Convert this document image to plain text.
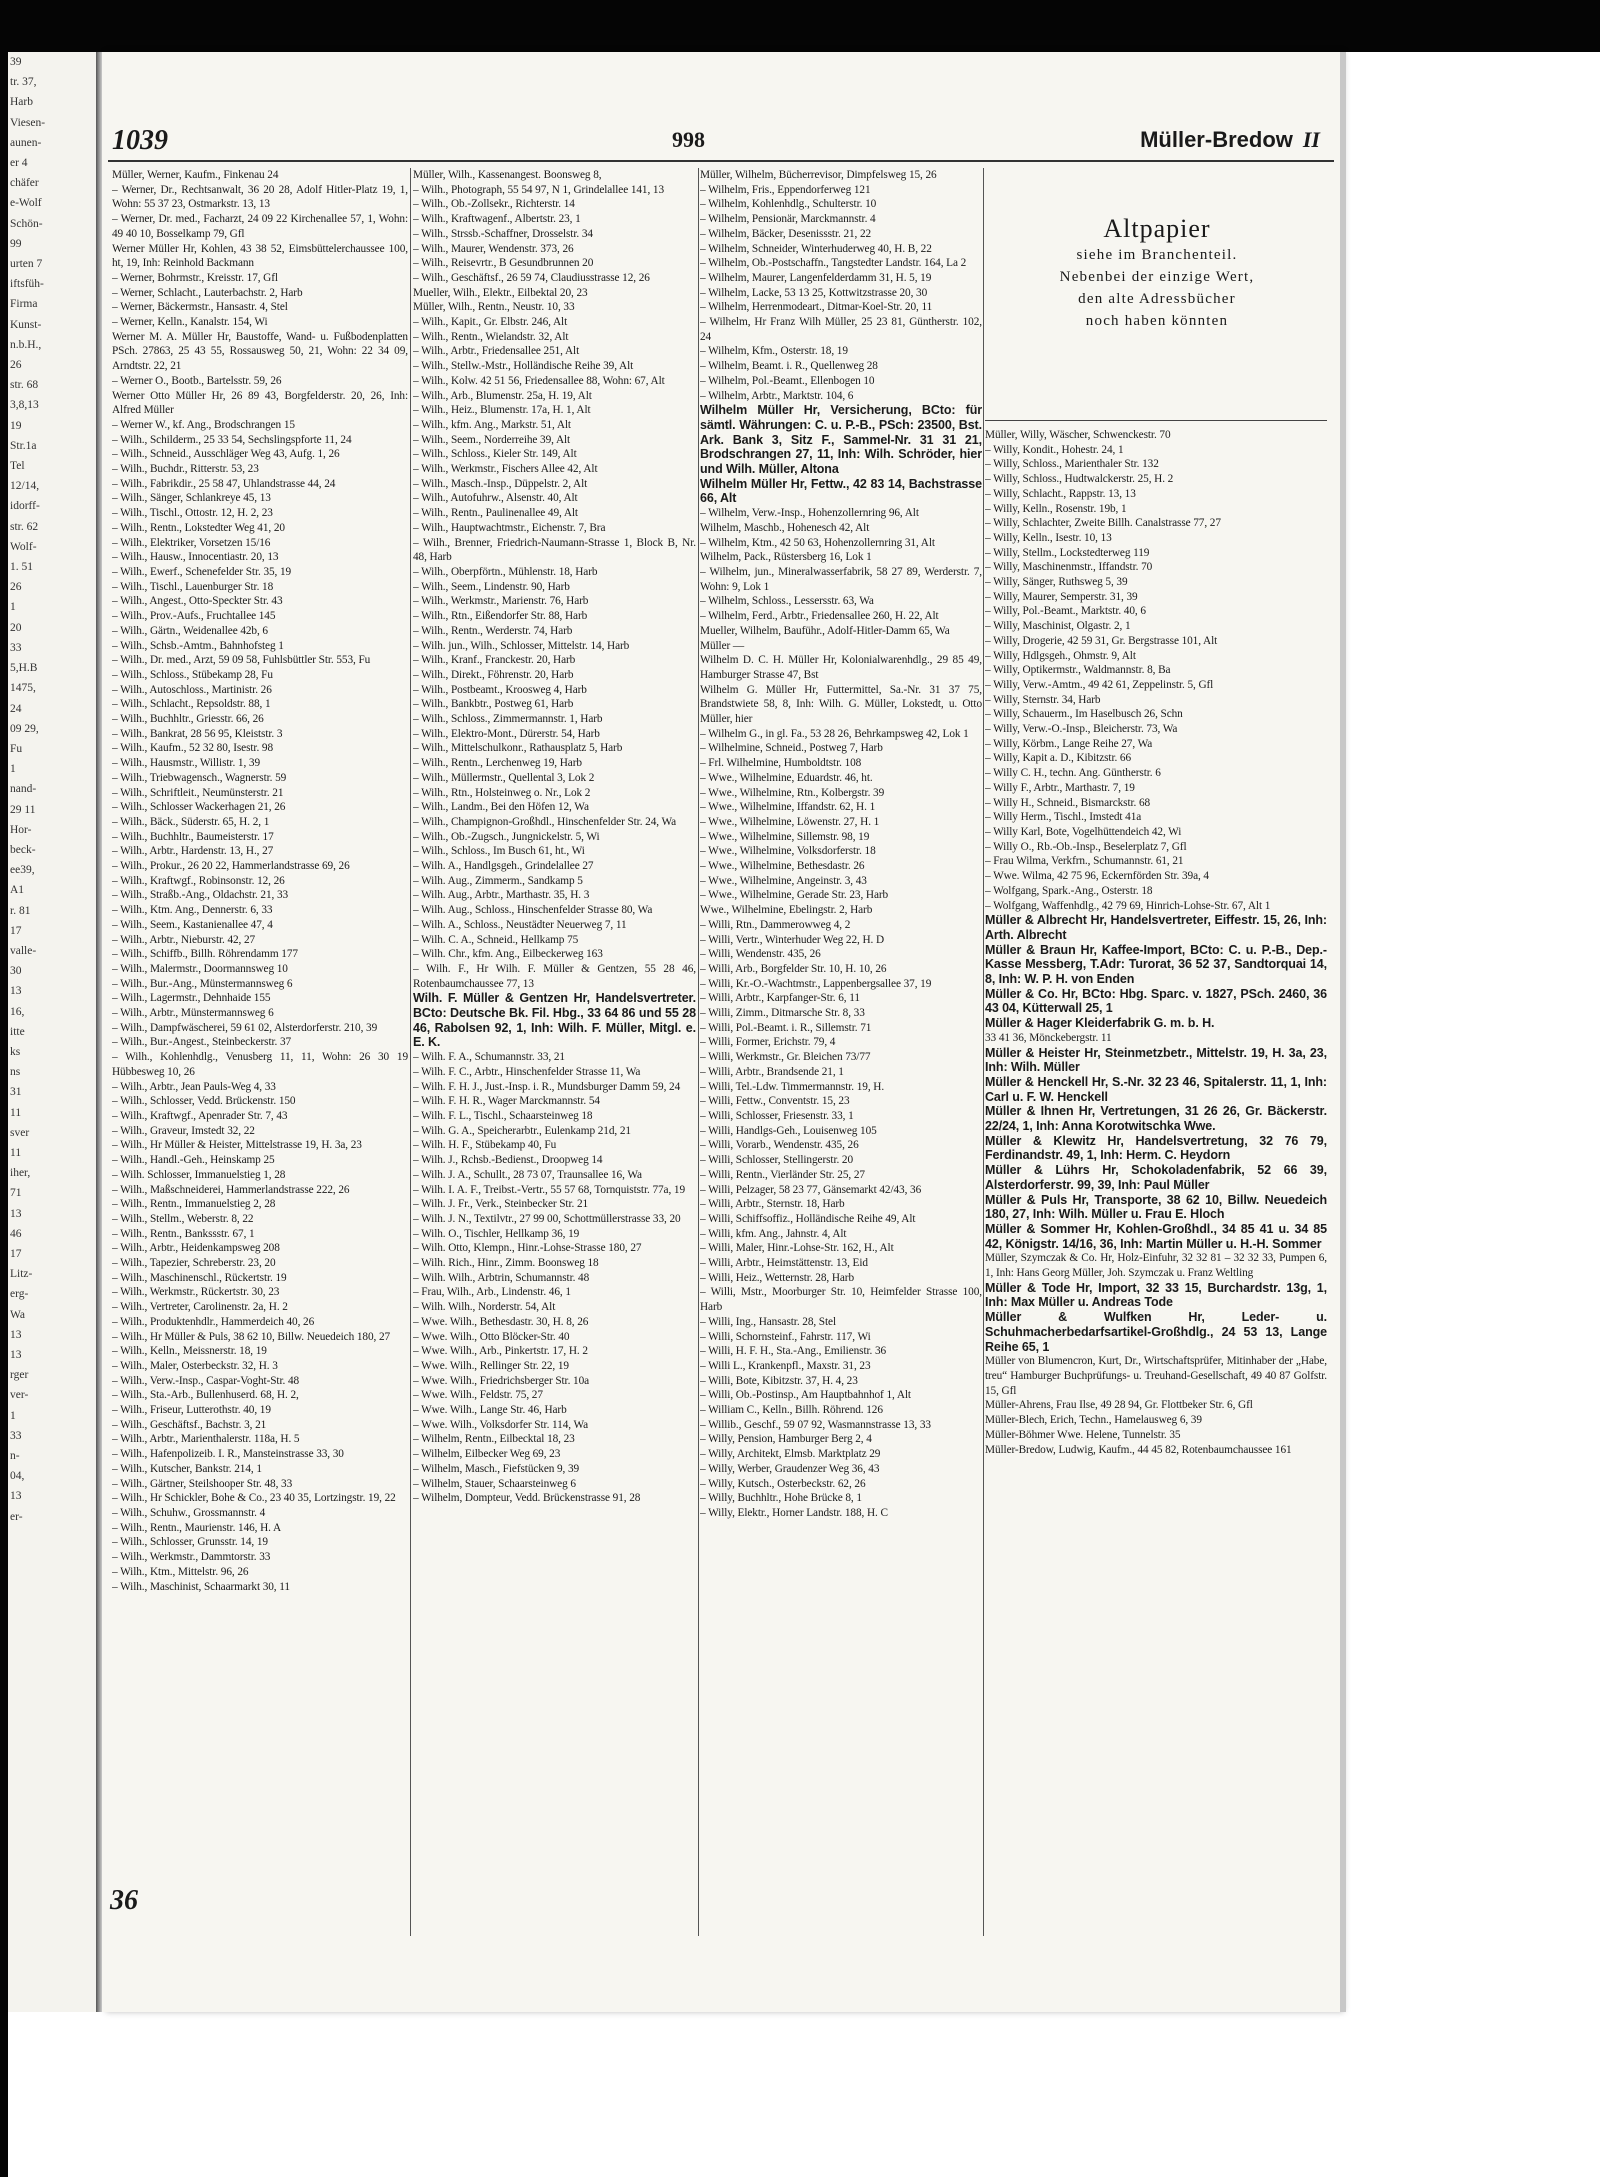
39
tr. 37,
Harb
Viesen-
aunen-
er 4
chäfer
e-Wolf
Schön-
99
urten 7
iftsfüh-
Firma
Kunst-
n.b.H.,
26
str. 68
3,8,13
19
Str.1a
Tel
12/14,
idorff-
str. 62
Wolf-
1. 51
26
1
20
33
5,H.B
1475,
24
09 29,
Fu
1
nand-
29 11
Hor-
beck-
ee39,
A1
r. 81
17
valle-
30
13
16,
itte
ks
ns
31
11
sver
11
iher,
71
13
46
17
Litz-
erg-
Wa
13
13
rger
ver-
1
33
n-
04,
13
er-
1039	998	Müller-Bredow II

Müller, Werner, Kaufm., Finkenau 24

– Werner, Dr., Rechtsanwalt, 36 20 28, Adolf Hitler-Platz 19, 1, Wohn: 55 37 23, Ostmarkstr. 13, 13

– Werner, Dr. med., Facharzt, 24 09 22 Kirchenallee 57, 1, Wohn: 49 40 10, Bosselkamp 79, Gfl

Werner Müller Hr, Kohlen, 43 38 52, Eimsbüttelerchaussee 100, ht, 19, Inh: Reinhold Backmann

– Werner, Bohrmstr., Kreisstr. 17, Gfl

– Werner, Schlacht., Lauterbachstr. 2, Harb

– Werner, Bäckermstr., Hansastr. 4, Stel

– Werner, Kelln., Kanalstr. 154, Wi

Werner M. A. Müller Hr, Baustoffe, Wand- u. Fußbodenplatten PSch. 27863, 25 43 55, Rossausweg 50, 21, Wohn: 22 34 09, Arndtstr. 22, 21

– Werner O., Bootb., Bartelsstr. 59, 26

Werner Otto Müller Hr, 26 89 43, Borgfelderstr. 20, 26, Inh: Alfred Müller

– Werner W., kf. Ang., Brodschrangen 15

– Wilh., Schilderm., 25 33 54, Sechslingspforte 11, 24

– Wilh., Schneid., Ausschläger Weg 43, Aufg. 1, 26

– Wilh., Buchdr., Ritterstr. 53, 23

– Wilh., Fabrikdir., 25 58 47, Uhlandstrasse 44, 24

– Wilh., Sänger, Schlankreye 45, 13

– Wilh., Tischl., Ottostr. 12, H. 2, 23

– Wilh., Rentn., Lokstedter Weg 41, 20

– Wilh., Elektriker, Vorsetzen 15/16

– Wilh., Hausw., Innocentiastr. 20, 13

– Wilh., Ewerf., Schenefelder Str. 35, 19

– Wilh., Tischl., Lauenburger Str. 18

– Wilh., Angest., Otto-Speckter Str. 43

– Wilh., Prov.-Aufs., Fruchtallee 145

– Wilh., Gärtn., Weidenallee 42b, 6

– Wilh., Schsb.-Amtm., Bahnhofsteg 1

– Wilh., Dr. med., Arzt, 59 09 58, Fuhlsbüttler Str. 553, Fu

– Wilh., Schloss., Stübekamp 28, Fu

– Wilh., Autoschloss., Martinistr. 26

– Wilh., Schlacht., Repsoldstr. 88, 1

– Wilh., Buchhltr., Griesstr. 66, 26

– Wilh., Bankrat, 28 56 95, Kleiststr. 3

– Wilh., Kaufm., 52 32 80, Isestr. 98

– Wilh., Hausmstr., Willistr. 1, 39

– Wilh., Triebwagensch., Wagnerstr. 59

– Wilh., Schriftleit., Neumünsterstr. 21

– Wilh., Schlosser Wackerhagen 21, 26

– Wilh., Bäck., Süderstr. 65, H. 2, 1

– Wilh., Buchhltr., Baumeisterstr. 17

– Wilh., Arbtr., Hardenstr. 13, H., 27

– Wilh., Prokur., 26 20 22, Hammerlandstrasse 69, 26

– Wilh., Kraftwgf., Robinsonstr. 12, 26

– Wilh., Straßb.-Ang., Oldachstr. 21, 33

– Wilh., Ktm. Ang., Dennerstr. 6, 33

– Wilh., Seem., Kastanienallee 47, 4

– Wilh., Arbtr., Nieburstr. 42, 27

– Wilh., Schiffb., Billh. Röhrendamm 177

– Wilh., Malermstr., Doormannsweg 10

– Wilh., Bur.-Ang., Münstermannsweg 6

– Wilh., Lagermstr., Dehnhaide 155

– Wilh., Arbtr., Münstermannsweg 6

– Wilh., Dampfwäscherei, 59 61 02, Alsterdorferstr. 210, 39

– Wilh., Bur.-Angest., Steinbeckerstr. 37

– Wilh., Kohlenhdlg., Venusberg 11, 11, Wohn: 26 30 19 Hübbesweg 10, 26

– Wilh., Arbtr., Jean Pauls-Weg 4, 33

– Wilh., Schlosser, Vedd. Brückenstr. 150

– Wilh., Kraftwgf., Apenrader Str. 7, 43

– Wilh., Graveur, Imstedt 32, 22

– Wilh., Hr Müller & Heister, Mittelstrasse 19, H. 3a, 23

– Wilh., Handl.-Geh., Heinskamp 25

– Wilh. Schlosser, Immanuelstieg 1, 28

– Wilh., Maßschneiderei, Hammerlandstrasse 222, 26

– Wilh., Rentn., Immanuelstieg 2, 28

– Wilh., Stellm., Weberstr. 8, 22

– Wilh., Rentn., Bankssstr. 67, 1

– Wilh., Arbtr., Heidenkampsweg 208

– Wilh., Tapezier, Schreberstr. 23, 20

– Wilh., Maschinenschl., Rückertstr. 19

– Wilh., Werkmstr., Rückertstr. 30, 23

– Wilh., Vertreter, Carolinenstr. 2a, H. 2

– Wilh., Produktenhdlr., Hammerdeich 40, 26

– Wilh., Hr Müller & Puls, 38 62 10, Billw. Neuedeich 180, 27

– Wilh., Kelln., Meissnerstr. 18, 19

– Wilh., Maler, Osterbeckstr. 32, H. 3

– Wilh., Verw.-Insp., Caspar-Voght-Str. 48

– Wilh., Sta.-Arb., Bullenhuserd. 68, H. 2,

– Wilh., Friseur, Lutterothstr. 40, 19

– Wilh., Geschäftsf., Bachstr. 3, 21

– Wilh., Arbtr., Marienthalerstr. 118a, H. 5

– Wilh., Hafenpolizeib. I. R., Mansteinstrasse 33, 30

– Wilh., Kutscher, Bankstr. 214, 1

– Wilh., Gärtner, Steilshooper Str. 48, 33

– Wilh., Hr Schickler, Bohe & Co., 23 40 35, Lortzingstr. 19, 22

– Wilh., Schuhw., Grossmannstr. 4

– Wilh., Rentn., Maurienstr. 146, H. A

– Wilh., Schlosser, Grunsstr. 14, 19

– Wilh., Werkmstr., Dammtorstr. 33

– Wilh., Ktm., Mittelstr. 96, 26

– Wilh., Maschinist, Schaarmarkt 30, 11

Müller, Wilh., Kassenangest. Boonsweg 8,

– Wilh., Photograph, 55 54 97, N 1, Grindelallee 141, 13

– Wilh., Ob.-Zollsekr., Richterstr. 14

– Wilh., Kraftwagenf., Albertstr. 23, 1

– Wilh., Strssb.-Schaffner, Drosselstr. 34

– Wilh., Maurer, Wendenstr. 373, 26

– Wilh., Reisevrtr., B Gesundbrunnen 20

– Wilh., Geschäftsf., 26 59 74, Claudiusstrasse 12, 26

Mueller, Wilh., Elektr., Eilbektal 20, 23

Müller, Wilh., Rentn., Neustr. 10, 33

– Wilh., Kapit., Gr. Elbstr. 246, Alt

– Wilh., Rentn., Wielandstr. 32, Alt

– Wilh., Arbtr., Friedensallee 251, Alt

– Wilh., Stellw.-Mstr., Holländische Reihe 39, Alt

– Wilh., Kolw. 42 51 56, Friedensallee 88, Wohn: 67, Alt

– Wilh., Arb., Blumenstr. 25a, H. 19, Alt

– Wilh., Heiz., Blumenstr. 17a, H. 1, Alt

– Wilh., kfm. Ang., Markstr. 51, Alt

– Wilh., Seem., Norderreihe 39, Alt

– Wilh., Schloss., Kieler Str. 149, Alt

– Wilh., Werkmstr., Fischers Allee 42, Alt

– Wilh., Masch.-Insp., Düppelstr. 2, Alt

– Wilh., Autofuhrw., Alsenstr. 40, Alt

– Wilh., Rentn., Paulinenallee 49, Alt

– Wilh., Hauptwachtmstr., Eichenstr. 7, Bra

– Wilh., Brenner, Friedrich-Naumann-Strasse 1, Block B, Nr. 48, Harb

– Wilh., Oberpförtn., Mühlenstr. 18, Harb

– Wilh., Seem., Lindenstr. 90, Harb

– Wilh., Werkmstr., Marienstr. 76, Harb

– Wilh., Rtn., Eißendorfer Str. 88, Harb

– Wilh., Rentn., Werderstr. 74, Harb

– Wilh. jun., Wilh., Schlosser, Mittelstr. 14, Harb

– Wilh., Kranf., Franckestr. 20, Harb

– Wilh., Direkt., Föhrenstr. 20, Harb

– Wilh., Postbeamt., Kroosweg 4, Harb

– Wilh., Bankbtr., Postweg 61, Harb

– Wilh., Schloss., Zimmermannstr. 1, Harb

– Wilh., Elektro-Mont., Dürerstr. 54, Harb

– Wilh., Mittelschulkonr., Rathausplatz 5, Harb

– Wilh., Rentn., Lerchenweg 19, Harb

– Wilh., Müllermstr., Quellental 3, Lok 2

– Wilh., Rtn., Holsteinweg o. Nr., Lok 2

– Wilh., Landm., Bei den Höfen 12, Wa

– Wilh., Champignon-Großhdl., Hinschenfelder Str. 24, Wa

– Wilh., Ob.-Zugsch., Jungnickelstr. 5, Wi

– Wilh., Schloss., Im Busch 61, ht., Wi

– Wilh. A., Handlgsgeh., Grindelallee 27

– Wilh. Aug., Zimmerm., Sandkamp 5

– Wilh. Aug., Arbtr., Marthastr. 35, H. 3

– Wilh. Aug., Schloss., Hinschenfelder Strasse 80, Wa

– Wilh. A., Schloss., Neustädter Neuerweg 7, 11

– Wilh. C. A., Schneid., Hellkamp 75

– Wilh. Chr., kfm. Ang., Eilbeckerweg 163

– Wilh. F., Hr Wilh. F. Müller & Gentzen, 55 28 46, Rotenbaumchaussee 77, 13

Wilh. F. Müller & Gentzen Hr, Handelsvertreter. BCto: Deutsche Bk. Fil. Hbg., 33 64 86 und 55 28 46, Rabolsen 92, 1, Inh: Wilh. F. Müller, Mitgl. e. E. K.

– Wilh. F. A., Schumannstr. 33, 21

– Wilh. F. C., Arbtr., Hinschenfelder Strasse 11, Wa

– Wilh. F. H. J., Just.-Insp. i. R., Mundsburger Damm 59, 24

– Wilh. F. H. R., Wager Marckmannstr. 54

– Wilh. F. L., Tischl., Schaarsteinweg 18

– Wilh. G. A., Speicherarbtr., Eulenkamp 21d, 21

– Wilh. H. F., Stübekamp 40, Fu

– Wilh. J., Rchsb.-Bedienst., Droopweg 14

– Wilh. J. A., Schullt., 28 73 07, Traunsallee 16, Wa

– Wilh. I. A. F., Treibst.-Vertr., 55 57 68, Tornquiststr. 77a, 19

– Wilh. J. Fr., Verk., Steinbecker Str. 21

– Wilh. J. N., Textilvtr., 27 99 00, Schottmüllerstrasse 33, 20

– Wilh. O., Tischler, Hellkamp 36, 19

– Wilh. Otto, Klempn., Hinr.-Lohse-Strasse 180, 27

– Wilh. Rich., Hinr., Zimm. Boonsweg 18

– Wilh. Wilh., Arbtrin, Schumannstr. 48

– Frau, Wilh., Arb., Lindenstr. 46, 1

– Wilh. Wilh., Norderstr. 54, Alt

– Wwe. Wilh., Bethesdastr. 30, H. 8, 26

– Wwe. Wilh., Otto Blöcker-Str. 40

– Wwe. Wilh., Arb., Pinkertstr. 17, H. 2

– Wwe. Wilh., Rellinger Str. 22, 19

– Wwe. Wilh., Friedrichsberger Str. 10a

– Wwe. Wilh., Feldstr. 75, 27

– Wwe. Wilh., Lange Str. 46, Harb

– Wwe. Wilh., Volksdorfer Str. 114, Wa

– Wilhelm, Rentn., Eilbecktal 18, 23

– Wilhelm, Eilbecker Weg 69, 23

– Wilhelm, Masch., Fiefstücken 9, 39

– Wilhelm, Stauer, Schaarsteinweg 6

– Wilhelm, Dompteur, Vedd. Brückenstrasse 91, 28

Müller, Wilhelm, Bücherrevisor, Dimpfelsweg 15, 26

– Wilhelm, Fris., Eppendorferweg 121

– Wilhelm, Kohlenhdlg., Schulterstr. 10

– Wilhelm, Pensionär, Marckmannstr. 4

– Wilhelm, Bäcker, Desenissstr. 21, 22

– Wilhelm, Schneider, Winterhuderweg 40, H. B, 22

– Wilhelm, Ob.-Postschaffn., Tangstedter Landstr. 164, La 2

– Wilhelm, Maurer, Langenfelderdamm 31, H. 5, 19

– Wilhelm, Lacke, 53 13 25, Kottwitzstrasse 20, 30

– Wilhelm, Herrenmodeart., Ditmar-Koel-Str. 20, 11

– Wilhelm, Hr Franz Wilh Müller, 25 23 81, Güntherstr. 102, 24

– Wilhelm, Kfm., Osterstr. 18, 19

– Wilhelm, Beamt. i. R., Quellenweg 28

– Wilhelm, Pol.-Beamt., Ellenbogen 10

– Wilhelm, Arbtr., Marktstr. 104, 6

Wilhelm Müller Hr, Versicherung, BCto: für sämtl. Währungen: C. u. P.-B., PSch: 23500, Bst. Ark. Bank 3, Sitz F., Sammel-Nr. 31 31 21, Brodschrangen 27, 11, Inh: Wilh. Schröder, hier und Wilh. Müller, Altona

Wilhelm Müller Hr, Fettw., 42 83 14, Bachstrasse 66, Alt

– Wilhelm, Verw.-Insp., Hohenzollernring 96, Alt

Wilhelm, Maschb., Hohenesch 42, Alt

– Wilhelm, Ktm., 42 50 63, Hohenzollernring 31, Alt

Wilhelm, Pack., Rüstersberg 16, Lok 1

– Wilhelm, jun., Mineralwasserfabrik, 58 27 89, Werderstr. 7, Wohn: 9, Lok 1

– Wilhelm, Schloss., Lessersstr. 63, Wa

– Wilhelm, Ferd., Arbtr., Friedensallee 260, H. 22, Alt

Mueller, Wilhelm, Bauführ., Adolf-Hitler-Damm 65, Wa

Müller —

Wilhelm D. C. H. Müller Hr, Kolonialwarenhdlg., 29 85 49, Hamburger Strasse 47, Bst

Wilhelm G. Müller Hr, Futtermittel, Sa.-Nr. 31 37 75, Brandstwiete 58, 8, Inh: Wilh. G. Müller, Lokstedt, u. Otto Müller, hier

– Wilhelm G., in gl. Fa., 53 28 26, Behrkampsweg 42, Lok 1

– Wilhelmine, Schneid., Postweg 7, Harb

– Frl. Wilhelmine, Humboldtstr. 108

– Wwe., Wilhelmine, Eduardstr. 46, ht.

– Wwe., Wilhelmine, Rtn., Kolbergstr. 39

– Wwe., Wilhelmine, Iffandstr. 62, H. 1

– Wwe., Wilhelmine, Löwenstr. 27, H. 1

– Wwe., Wilhelmine, Sillemstr. 98, 19

– Wwe., Wilhelmine, Volksdorferstr. 18

– Wwe., Wilhelmine, Bethesdastr. 26

– Wwe., Wilhelmine, Angeinstr. 3, 43

– Wwe., Wilhelmine, Gerade Str. 23, Harb

Wwe., Wilhelmine, Ebelingstr. 2, Harb

– Willi, Rtn., Dammerowweg 4, 2

– Willi, Vertr., Winterhuder Weg 22, H. D

– Willi, Wendenstr. 435, 26

– Willi, Arb., Borgfelder Str. 10, H. 10, 26

– Willi, Kr.-O.-Wachtmstr., Lappenbergsallee 37, 19

– Willi, Arbtr., Karpfanger-Str. 6, 11

– Willi, Zimm., Ditmarsche Str. 8, 33

– Willi, Pol.-Beamt. i. R., Sillemstr. 71

– Willi, Former, Erichstr. 79, 4

– Willi, Werkmstr., Gr. Bleichen 73/77

– Willi, Arbtr., Brandsende 21, 1

– Willi, Tel.-Ldw. Timmermannstr. 19, H.

– Willi, Fettw., Conventstr. 15, 23

– Willi, Schlosser, Friesenstr. 33, 1

– Willi, Handlgs-Geh., Louisenweg 105

– Willi, Vorarb., Wendenstr. 435, 26

– Willi, Schlosser, Stellingerstr. 20

– Willi, Rentn., Vierländer Str. 25, 27

– Willi, Pelzager, 58 23 77, Gänsemarkt 42/43, 36

– Willi, Arbtr., Sternstr. 18, Harb

– Willi, Schiffsoffiz., Holländische Reihe 49, Alt

– Willi, kfm. Ang., Jahnstr. 4, Alt

– Willi, Maler, Hinr.-Lohse-Str. 162, H., Alt

– Willi, Arbtr., Heimstättenstr. 13, Eid

– Willi, Heiz., Wetternstr. 28, Harb

– Willi, Mstr., Moorburger Str. 10, Heimfelder Strasse 100, Harb

– Willi, Ing., Hansastr. 28, Stel

– Willi, Schornsteinf., Fahrstr. 117, Wi

– Willi, H. F. H., Sta.-Ang., Emilienstr. 36

– Willi L., Krankenpfl., Maxstr. 31, 23

– Willi, Bote, Kibitzstr. 37, H. 4, 23

– Willi, Ob.-Postinsp., Am Hauptbahnhof 1, Alt

– William C., Kelln., Billh. Röhrend. 126

– Willib., Geschf., 59 07 92, Wasmannstrasse 13, 33

– Willy, Pension, Hamburger Berg 2, 4

– Willy, Architekt, Elmsb. Marktplatz 29

– Willy, Werber, Graudenzer Weg 36, 43

– Willy, Kutsch., Osterbeckstr. 62, 26

– Willy, Buchhltr., Hohe Brücke 8, 1

– Willy, Elektr., Horner Landstr. 188, H. C

Altpapier
siehe im Branchenteil.
Nebenbei der einzige Wert,
den alte Adressbücher
noch haben könnten

Müller, Willy, Wäscher, Schwenckestr. 70

– Willy, Kondit., Hohestr. 24, 1

– Willy, Schloss., Marienthaler Str. 132

– Willy, Schloss., Hudtwalckerstr. 25, H. 2

– Willy, Schlacht., Rappstr. 13, 13

– Willy, Kelln., Rosenstr. 19b, 1

– Willy, Schlachter, Zweite Billh. Canalstrasse 77, 27

– Willy, Kelln., Isestr. 10, 13

– Willy, Stellm., Lockstedterweg 119

– Willy, Maschinenmstr., Iffandstr. 70

– Willy, Sänger, Ruthsweg 5, 39

– Willy, Maurer, Semperstr. 31, 39

– Willy, Pol.-Beamt., Marktstr. 40, 6

– Willy, Maschinist, Olgastr. 2, 1

– Willy, Drogerie, 42 59 31, Gr. Bergstrasse 101, Alt

– Willy, Hdlgsgeh., Ohmstr. 9, Alt

– Willy, Optikermstr., Waldmannstr. 8, Ba

– Willy, Verw.-Amtm., 49 42 61, Zeppelinstr. 5, Gfl

– Willy, Sternstr. 34, Harb

– Willy, Schauerm., Im Haselbusch 26, Schn

– Willy, Verw.-O.-Insp., Bleicherstr. 73, Wa

– Willy, Körbm., Lange Reihe 27, Wa

– Willy, Kapit a. D., Kibitzstr. 66

– Willy C. H., techn. Ang. Güntherstr. 6

– Willy F., Arbtr., Marthastr. 7, 19

– Willy H., Schneid., Bismarckstr. 68

– Willy Herm., Tischl., Imstedt 41a

– Willy Karl, Bote, Vogelhüttendeich 42, Wi

– Willy O., Rb.-Ob.-Insp., Beselerplatz 7, Gfl

– Frau Wilma, Verkfrn., Schumannstr. 61, 21

– Wwe. Wilma, 42 75 96, Eckernförden Str. 39a, 4

– Wolfgang, Spark.-Ang., Osterstr. 18

– Wolfgang, Waffenhdlg., 42 79 69, Hinrich-Lohse-Str. 67, Alt 1

Müller & Albrecht Hr, Handelsvertreter, Eiffestr. 15, 26, Inh: Arth. Albrecht

Müller & Braun Hr, Kaffee-Import, BCto: C. u. P.-B., Dep.-Kasse Messberg, T.Adr: Turorat, 36 52 37, Sandtorquai 14, 8, Inh: W. P. H. von Enden

Müller & Co. Hr, BCto: Hbg. Sparc. v. 1827, PSch. 2460, 36 43 04, Kütterwall 25, 1

Müller & Hager Kleiderfabrik G. m. b. H.

33 41 36, Mönckebergstr. 11

Müller & Heister Hr, Steinmetzbetr., Mittelstr. 19, H. 3a, 23, Inh: Wilh. Müller

Müller & Henckell Hr, S.-Nr. 32 23 46, Spitalerstr. 11, 1, Inh: Carl u. F. W. Henckell

Müller & Ihnen Hr, Vertretungen, 31 26 26, Gr. Bäckerstr. 22/24, 1, Inh: Anna Korotwitschka Wwe.

Müller & Klewitz Hr, Handelsvertretung, 32 76 79, Ferdinandstr. 49, 1, Inh: Herm. C. Heydorn

Müller & Lührs Hr, Schokoladenfabrik, 52 66 39, Alsterdorferstr. 99, 39, Inh: Paul Müller

Müller & Puls Hr, Transporte, 38 62 10, Billw. Neuedeich 180, 27, Inh: Wilh. Müller u. Frau E. Hloch

Müller & Sommer Hr, Kohlen-Großhdl., 34 85 41 u. 34 85 42, Königstr. 14/16, 36, Inh: Martin Müller u. H.-H. Sommer

Müller, Szymczak & Co. Hr, Holz-Einfuhr, 32 32 81 – 32 32 33, Pumpen 6, 1, Inh: Hans Georg Müller, Joh. Szymczak u. Franz Weltling

Müller & Tode Hr, Import, 32 33 15, Burchardstr. 13g, 1, Inh: Max Müller u. Andreas Tode

Müller & Wulfken Hr, Leder- u. Schuhmacherbedarfsartikel-Großhdlg., 24 53 13, Lange Reihe 65, 1

Müller von Blumencron, Kurt, Dr., Wirtschaftsprüfer, Mitinhaber der „Habe, treu“ Hamburger Buchprüfungs- u. Treuhand-Gesellschaft, 49 40 87 Golfstr. 15, Gfl

Müller-Ahrens, Frau Ilse, 49 28 94, Gr. Flottbeker Str. 6, Gfl

Müller-Blech, Erich, Techn., Hamelausweg 6, 39

Müller-Böhmer Wwe. Helene, Tunnelstr. 35

Müller-Bredow, Ludwig, Kaufm., 44 45 82, Rotenbaumchaussee 161

36
